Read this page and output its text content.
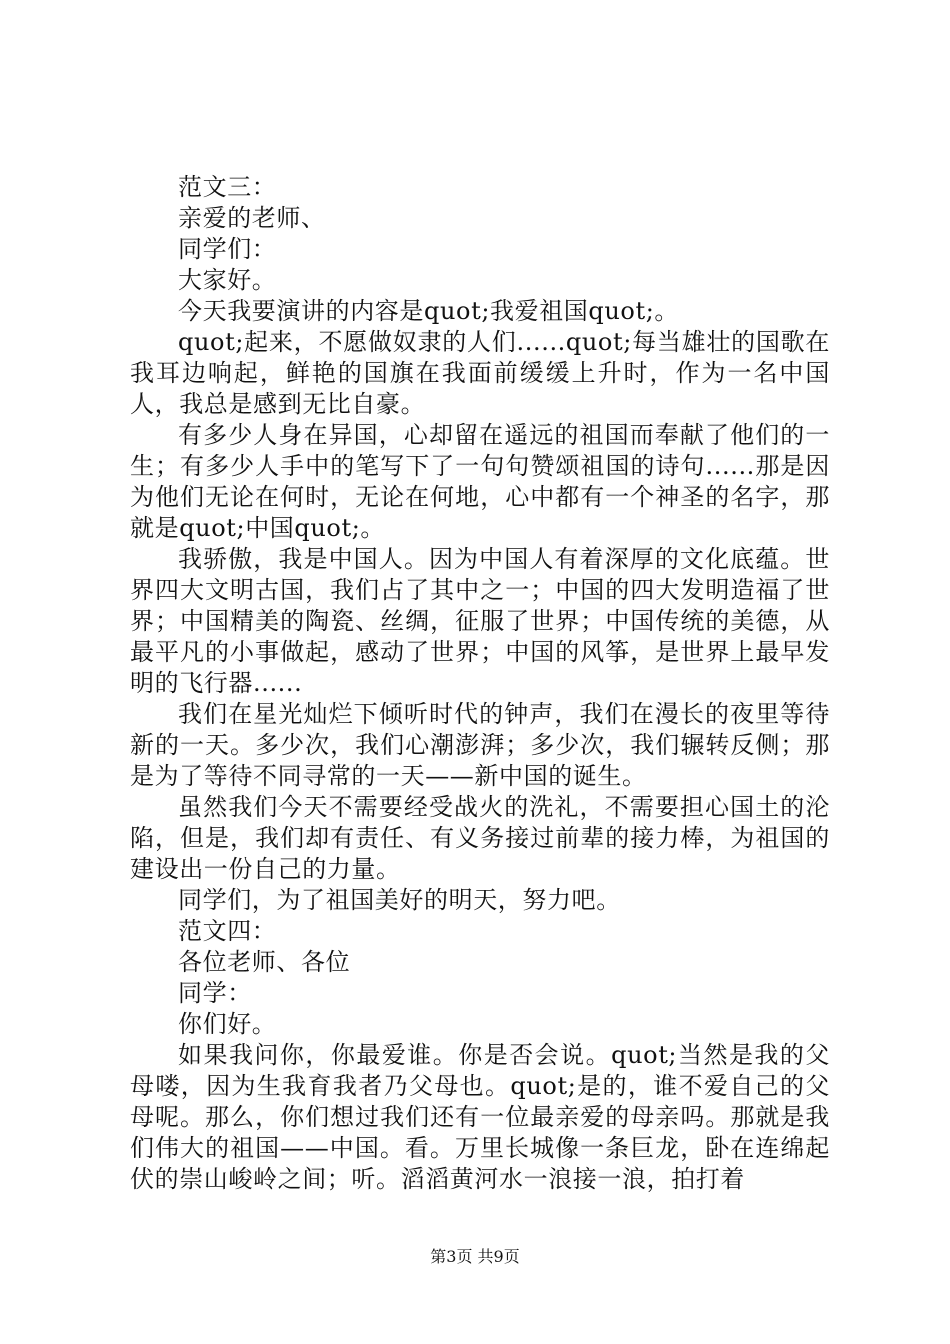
范文三：

亲爱的老师、

同学们：

大家好。

今天我要演讲的内容是quot;我爱祖国quot;。

quot;起来，不愿做奴隶的人们......quot;每当雄壮的国歌在我耳边响起，鲜艳的国旗在我面前缓缓上升时，作为一名中国人，我总是感到无比自豪。

有多少人身在异国，心却留在遥远的祖国而奉献了他们的一生；有多少人手中的笔写下了一句句赞颂祖国的诗句......那是因为他们无论在何时，无论在何地，心中都有一个神圣的名字，那就是quot;中国quot;。

我骄傲，我是中国人。因为中国人有着深厚的文化底蕴。世界四大文明古国，我们占了其中之一；中国的四大发明造福了世界；中国精美的陶瓷、丝绸，征服了世界；中国传统的美德，从最平凡的小事做起，感动了世界；中国的风筝，是世界上最早发明的飞行器......

我们在星光灿烂下倾听时代的钟声，我们在漫长的夜里等待新的一天。多少次，我们心潮澎湃；多少次，我们辗转反侧；那是为了等待不同寻常的一天——新中国的诞生。

虽然我们今天不需要经受战火的洗礼，不需要担心国土的沦陷，但是，我们却有责任、有义务接过前辈的接力棒，为祖国的建设出一份自己的力量。

同学们，为了祖国美好的明天，努力吧。

范文四：

各位老师、各位

同学：

你们好。

如果我问你，你最爱谁。你是否会说。quot;当然是我的父母喽，因为生我育我者乃父母也。quot;是的，谁不爱自己的父母呢。那么，你们想过我们还有一位最亲爱的母亲吗。那就是我们伟大的祖国——中国。看。万里长城像一条巨龙，卧在连绵起伏的崇山峻岭之间；听。滔滔黄河水一浪接一浪，拍打着

第3页 共9页
